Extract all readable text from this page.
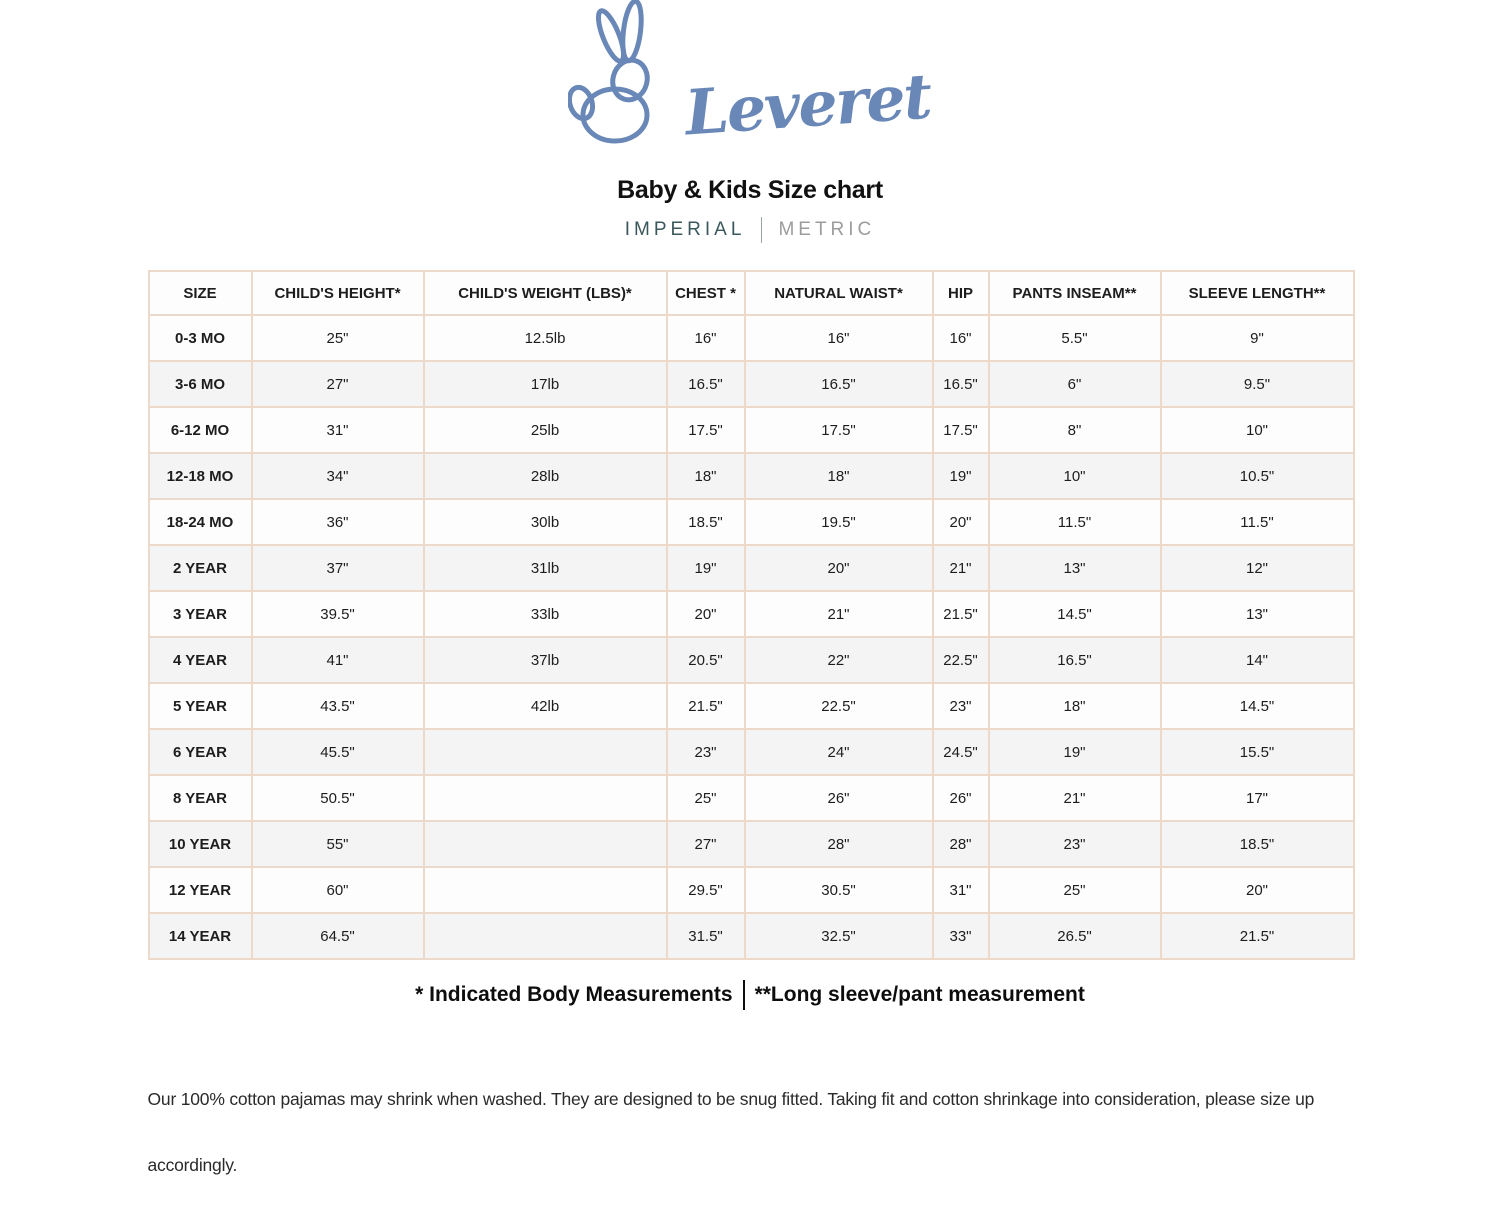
Leveret
Baby & Kids Size chart
IMPERIAL METRIC
SIZE	CHILD'S HEIGHT*	CHILD'S WEIGHT (LBS)*	CHEST *	NATURAL WAIST*	HIP	PANTS INSEAM**	SLEEVE LENGTH**
0-3 MO	25"	12.5lb	16"	16"	16"	5.5"	9"
3-6 MO	27"	17lb	16.5"	16.5"	16.5"	6"	9.5"
6-12 MO	31"	25lb	17.5"	17.5"	17.5"	8"	10"
12-18 MO	34"	28lb	18"	18"	19"	10"	10.5"
18-24 MO	36"	30lb	18.5"	19.5"	20"	11.5"	11.5"
2 YEAR	37"	31lb	19"	20"	21"	13"	12"
3 YEAR	39.5"	33lb	20"	21"	21.5"	14.5"	13"
4 YEAR	41"	37lb	20.5"	22"	22.5"	16.5"	14"
5 YEAR	43.5"	42lb	21.5"	22.5"	23"	18"	14.5"
6 YEAR	45.5"		23"	24"	24.5"	19"	15.5"
8 YEAR	50.5"		25"	26"	26"	21"	17"
10 YEAR	55"		27"	28"	28"	23"	18.5"
12 YEAR	60"		29.5"	30.5"	31"	25"	20"
14 YEAR	64.5"		31.5"	32.5"	33"	26.5"	21.5"
* Indicated Body Measurements **Long sleeve/pant measurement

Our 100% cotton pajamas may shrink when washed. They are designed to be snug fitted. Taking fit and cotton shrinkage into consideration, please size up accordingly.
